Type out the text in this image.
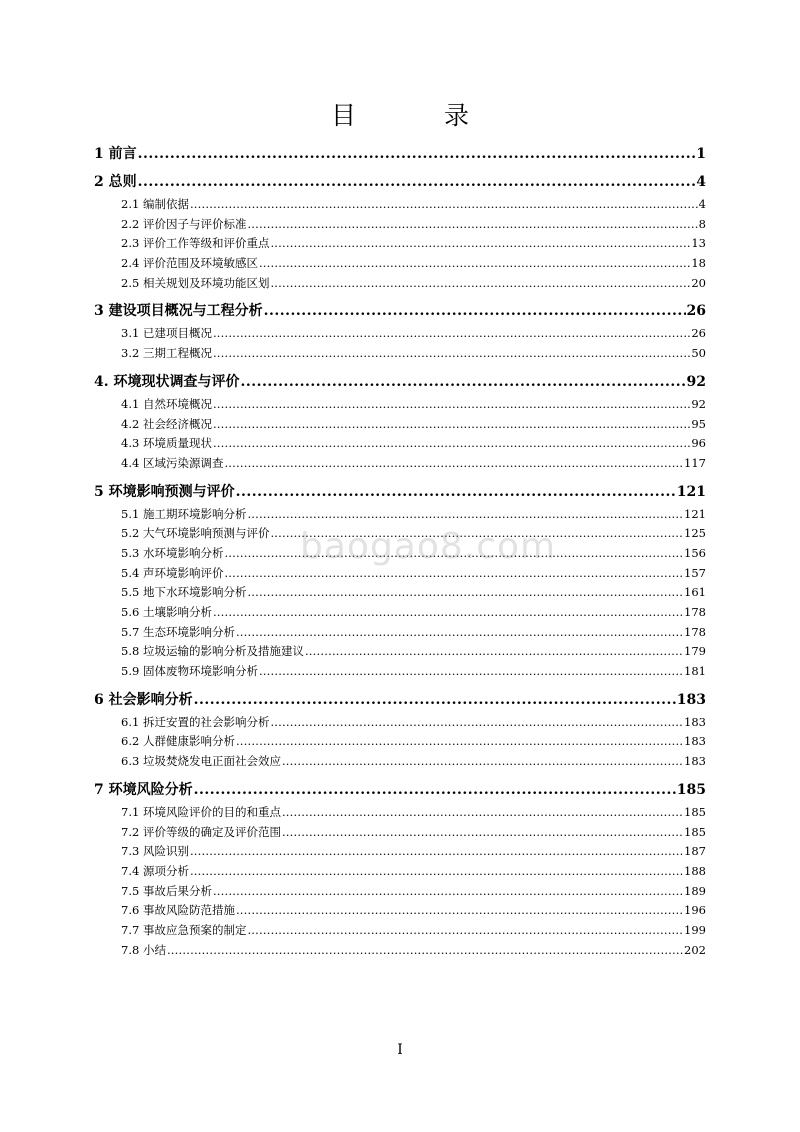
目 录
1 前言 .....	1
2 总则 .....	4
2.1 编制依据 .....	4
2.2 评价因子与评价标准 .....	8
2.3 评价工作等级和评价重点 .....	13
2.4 评价范围及环境敏感区 .....	18
2.5 相关规划及环境功能区划 .....	20
3 建设项目概况与工程分析 .....	26
3.1 已建项目概况 .....	26
3.2 三期工程概况 .....	50
4. 环境现状调查与评价 .....	92
4.1 自然环境概况 .....	92
4.2 社会经济概况 .....	95
4.3 环境质量现状 .....	96
4.4 区域污染源调查 .....	117
5 环境影响预测与评价 .....	121
5.1 施工期环境影响分析 .....	121
5.2 大气环境影响预测与评价 .....	125
5.3 水环境影响分析 .....	156
5.4 声环境影响评价 .....	157
5.5 地下水环境影响分析 .....	161
5.6 土壤影响分析 .....	178
5.7 生态环境影响分析 .....	178
5.8 垃圾运输的影响分析及措施建议 .....	179
5.9 固体废物环境影响分析 .....	181
6 社会影响分析 .....	183
6.1 拆迁安置的社会影响分析 .....	183
6.2 人群健康影响分析 .....	183
6.3 垃圾焚烧发电正面社会效应 .....	183
7 环境风险分析 .....	185
7.1 环境风险评价的目的和重点 .....	185
7.2 评价等级的确定及评价范围 .....	185
7.3 风险识别 .....	187
7.4 源项分析 .....	188
7.5 事故后果分析 .....	189
7.6 事故风险防范措施 .....	196
7.7 事故应急预案的制定 .....	199
7.8 小结 .....	202
baogao8.com
I
